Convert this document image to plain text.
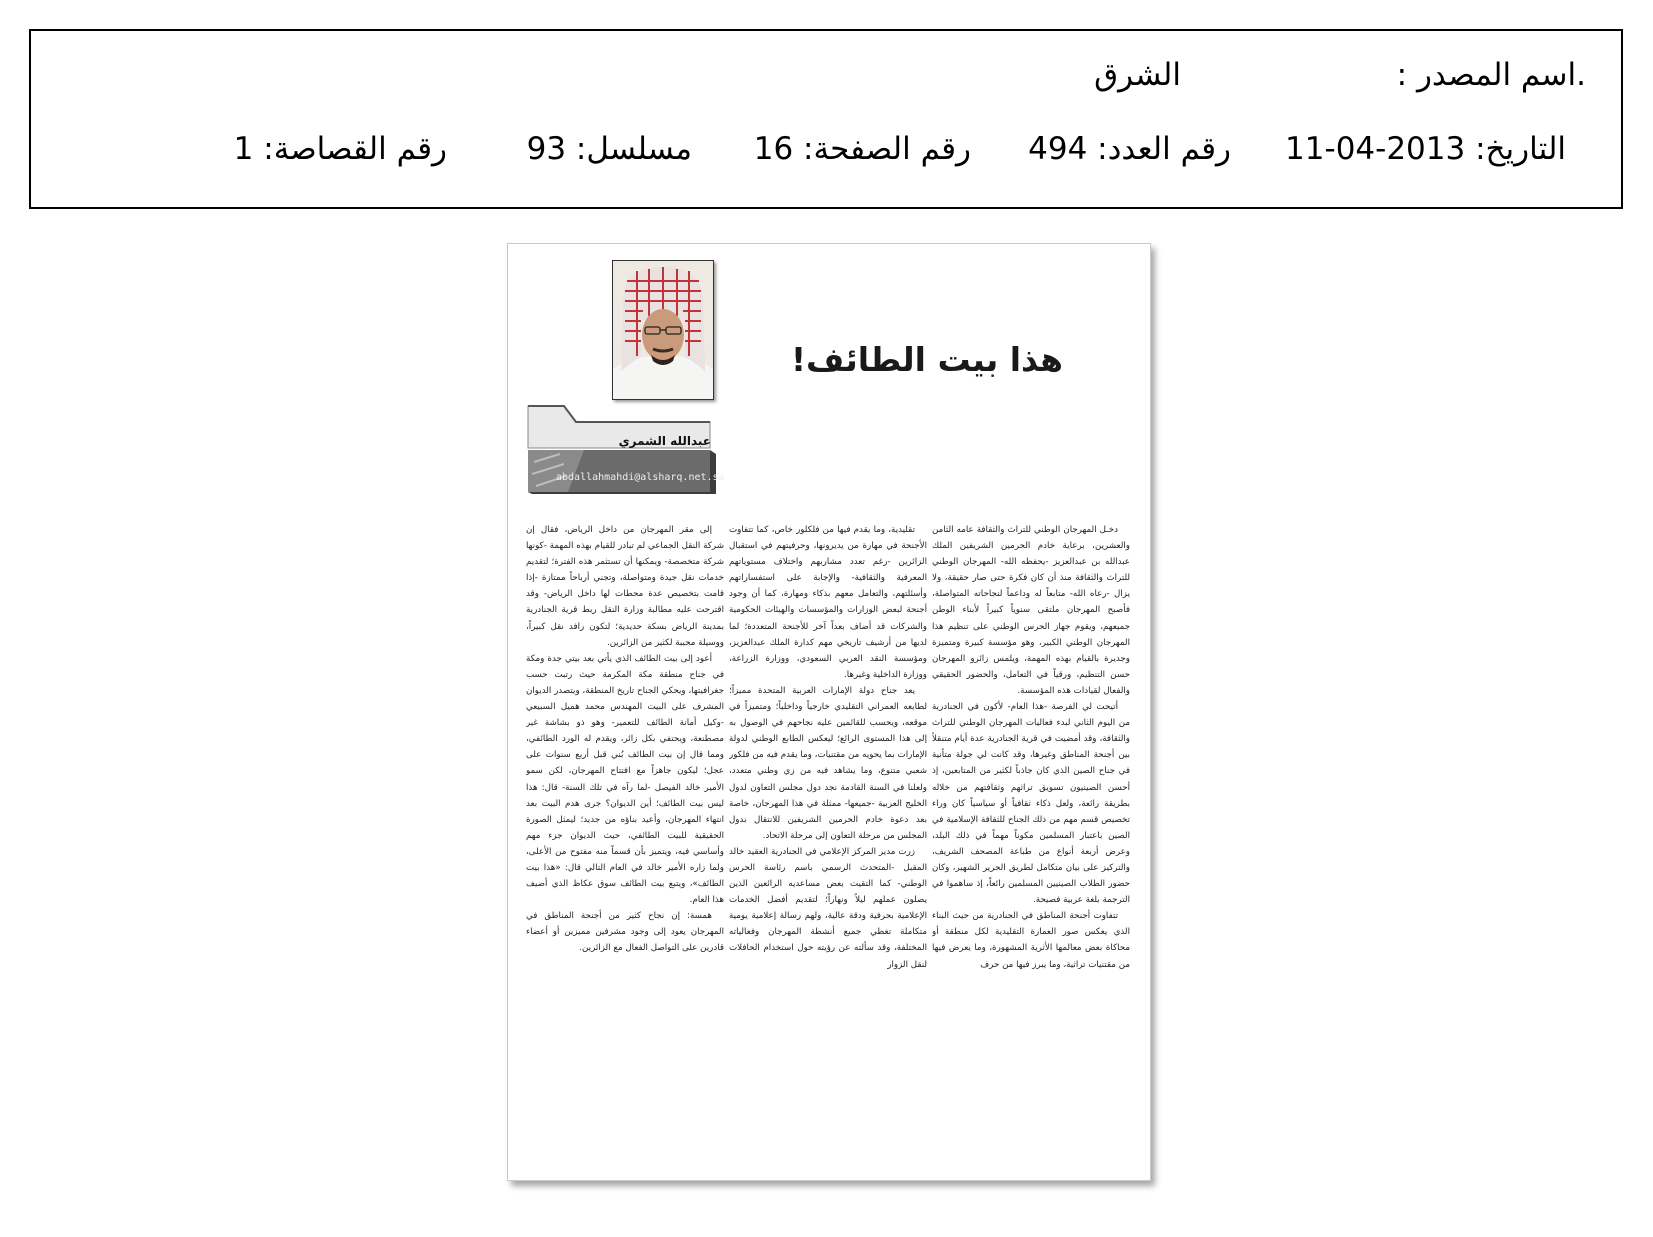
.اسم المصدر :
الشرق
التاريخ: 2013-04-11
رقم العدد: 494
رقم الصفحة: 16
مسلسل: 93
رقم القصاصة: 1
هذا بيت الطائف!
عبدالله الشمري
abdallahmahdi@alsharq.net.sa

دخـل المهرجان الوطني للتراث والثقافة عامه الثامن والعشرين، برعاية خادم الحرمين الشريفين الملك عبدالله بن عبدالعزيز -يحفظه الله- المهرجان الوطني للتراث والثقافة منذ أن كان فكرة حتى صار حقيقة، ولا يزال -رعاه الله- متابعاً له وداعماً لنجاحاته المتواصلة، فأصبح المهرجان ملتقى سنوياً كبيراً لأبناء الوطن جميعهم، ويقوم جهاز الحرس الوطني على تنظيم هذا المهرجان الوطني الكبير، وهو مؤسسة كبيرة ومتميزة وجديرة بالقيام بهذه المهمة، ويلمس زائرو المهرجان حسن التنظيم، ورقياً في التعامل، والحضور الحقيقي والفعال لقيادات هذه المؤسسة.

أتيحت لي الفرصة -هذا العام- لأكون في الجنادرية من اليوم الثاني لبدء فعاليات المهرجان الوطني للتراث والثقافة، وقد أمضيت في قرية الجنادرية عدة أيام متنقلاً بين أجنحة المناطق وغيرها، وقد كانت لي جولة متأنية في جناح الصين الذي كان جاذباً لكثير من المتابعين، إذ أحسن الصينيون تسويق تراثهم وثقافتهم من خلاله بطريقة رائعة، ولعل ذكاء ثقافياً أو سياسياً كان وراء تخصيص قسم مهم من ذلك الجناح للثقافة الإسلامية في الصين باعتبار المسلمين مكوناً مهماً في ذلك البلد، وعرض أربعة أنواع من طباعة المصحف الشريف، والتركيز على بيان متكامل لطريق الحرير الشهير، وكان حضور الطلاب الصينيين المسلمين رائعاً، إذ ساهموا في الترجمة بلغة عربية فصيحة.

تتفاوت أجنحة المناطق في الجنادرية من حيث البناء الذي يعكس صور العمارة التقليدية لكل منطقة أو محاكاة بعض معالمها الأثرية المشهورة، وما يعرض فيها من مقتنيات تراثية، وما يبرز فيها من حرف

تقليدية، وما يقدم فيها من فلكلور خاص، كما تتفاوت الأجنحة في مهارة من يديرونها، وحرفيتهم في استقبال الزائرين -رغم تعدد مشاربهم واختلاف مستوياتهم المعرفية والثقافية- والإجابة على استفساراتهم وأسئلتهم، والتعامل معهم بذكاء ومهارة، كما أن وجود أجنحة لبعض الوزارات والمؤسسات والهيئات الحكومية والشركات قد أضاف بعداً آخر للأجنحة المتعددة؛ لما لديها من أرشيف تاريخي مهم كدارة الملك عبدالعزيز، ومؤسسة النقد العربي السعودي، ووزارة الزراعة، ووزارة الداخلية وغيرها.

يعد جناح دولة الإمارات العربية المتحدة مميزاً؛ لطابعه العمراني التقليدي خارجياً وداخلياً؛ ومتميزاً في موقعه، ويحسب للقائمين عليه نجاحهم في الوصول به إلى هذا المستوى الرائع؛ ليعكس الطابع الوطني لدولة الإمارات بما يحويه من مقتنيات، وما يقدم فيه من فلكور شعبي متنوع، وما يشاهد فيه من زي وطني متعدد، ولعلنا في السنة القادمة نجد دول مجلس التعاون لدول الخليج العربية -جميعها- ممثلة في هذا المهرجان، خاصة بعد دعوة خادم الحرمين الشريفين للانتقال بدول المجلس من مرحلة التعاون إلى مرحلة الاتحاد.

زرت مدير المركز الإعلامي في الجنادرية العقيد خالد المقبل -المتحدث الرسمي باسم رئاسة الحرس الوطني- كما التقيت بعض مساعديه الرائعين الذين يصلون عملهم ليلاً ونهاراً؛ لتقديم أفضل الخدمات الإعلامية بحرفية ودقة عالية، ولهم رسالة إعلامية يومية متكاملة تغطي جميع أنشطة المهرجان وفعالياته المختلفة، وقد سألته عن رؤيته حول استخدام الحافلات لنقل الزوار

إلى مقر المهرجان من داخل الرياض، فقال إن شركة النقل الجماعي لم تبادر للقيام بهذه المهمة -كونها شركة متخصصة- ويمكنها أن تستثمر هذه الفترة؛ لتقديم خدمات نقل جيدة ومتواصلة، وتجني أرباحاً ممتازة -إذا قامت بتخصيص عدة محطات لها داخل الرياض- وقد اقترحت عليه مطالبة وزارة النقل ربط قرية الجنادرية بمدينة الرياض بسكة حديدية؛ لتكون رافد نقل كبيراً، ووسيلة محببة لكثير من الزائرين.

أعود إلى بيت الطائف الذي يأتي بعد بيتي جدة ومكة في جناح منطقة مكة المكرمة حيث رتبت حسب جغرافيتها، ويحكي الجناح تاريخ المنطقة، ويتصدر الديوان المشرف على البيت المهندس محمد هميل السبيعي -وكيل أمانة الطائف للتعمير- وهو ذو بشاشة غير مصطنعة، ويحتفي بكل زائر، ويقدم له الورد الطائفي، ومما قال إن بيت الطائف بُني قبل أربع سنوات على عجل؛ ليكون جاهزاً مع افتتاح المهرجان، لكن سمو الأمير خالد الفيصل -لما رآه في تلك السنة- قال: هذا ليس بيت الطائف؛ أين الديوان؟ جرى هدم البيت بعد انتهاء المهرجان، وأعيد بناؤه من جديد؛ ليمثل الصورة الحقيقية للبيت الطائفي، حيث الديوان جزء مهم وأساسي فيه، ويتميز بأن قسماً منه مفتوح من الأعلى، ولما زاره الأمير خالد في العام التالي قال: «هذا بيت الطائف»، ويتبع بيت الطائف سوق عكاظ الذي أضيف هذا العام.

همسة: إن نجاح كثير من أجنحة المناطق في المهرجان يعود إلى وجود مشرفين مميزين أو أعضاء قادرين على التواصل الفعال مع الزائرين.
